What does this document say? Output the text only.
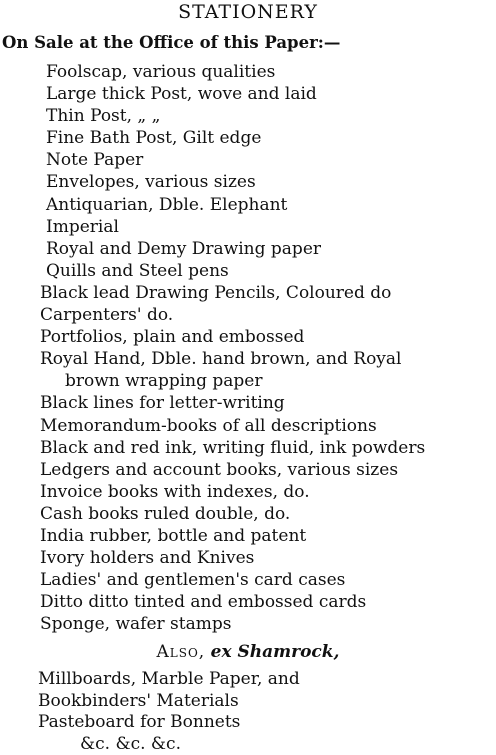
STATIONERY
On Sale at the Office of this Paper:—
Foolscap, various qualities
Large thick Post, wove and laid
Thin Post, „ „
Fine Bath Post, Gilt edge
Note Paper
Envelopes, various sizes
Antiquarian, Dble. Elephant
Imperial
Royal and Demy Drawing paper
Quills and Steel pens
Black lead Drawing Pencils, Coloured do
Carpenters' do.
Portfolios, plain and embossed
Royal Hand, Dble. hand brown, and Royal
brown wrapping paper
Black lines for letter-writing
Memorandum-books of all descriptions
Black and red ink, writing fluid, ink powders
Ledgers and account books, various sizes
Invoice books with indexes, do.
Cash books ruled double, do.
India rubber, bottle and patent
Ivory holders and Knives
Ladies' and gentlemen's card cases
Ditto ditto tinted and embossed cards
Sponge, wafer stamps
Also, ex Shamrock,
Millboards, Marble Paper, and
Bookbinders' Materials
Pasteboard for Bonnets
&c. &c. &c.
